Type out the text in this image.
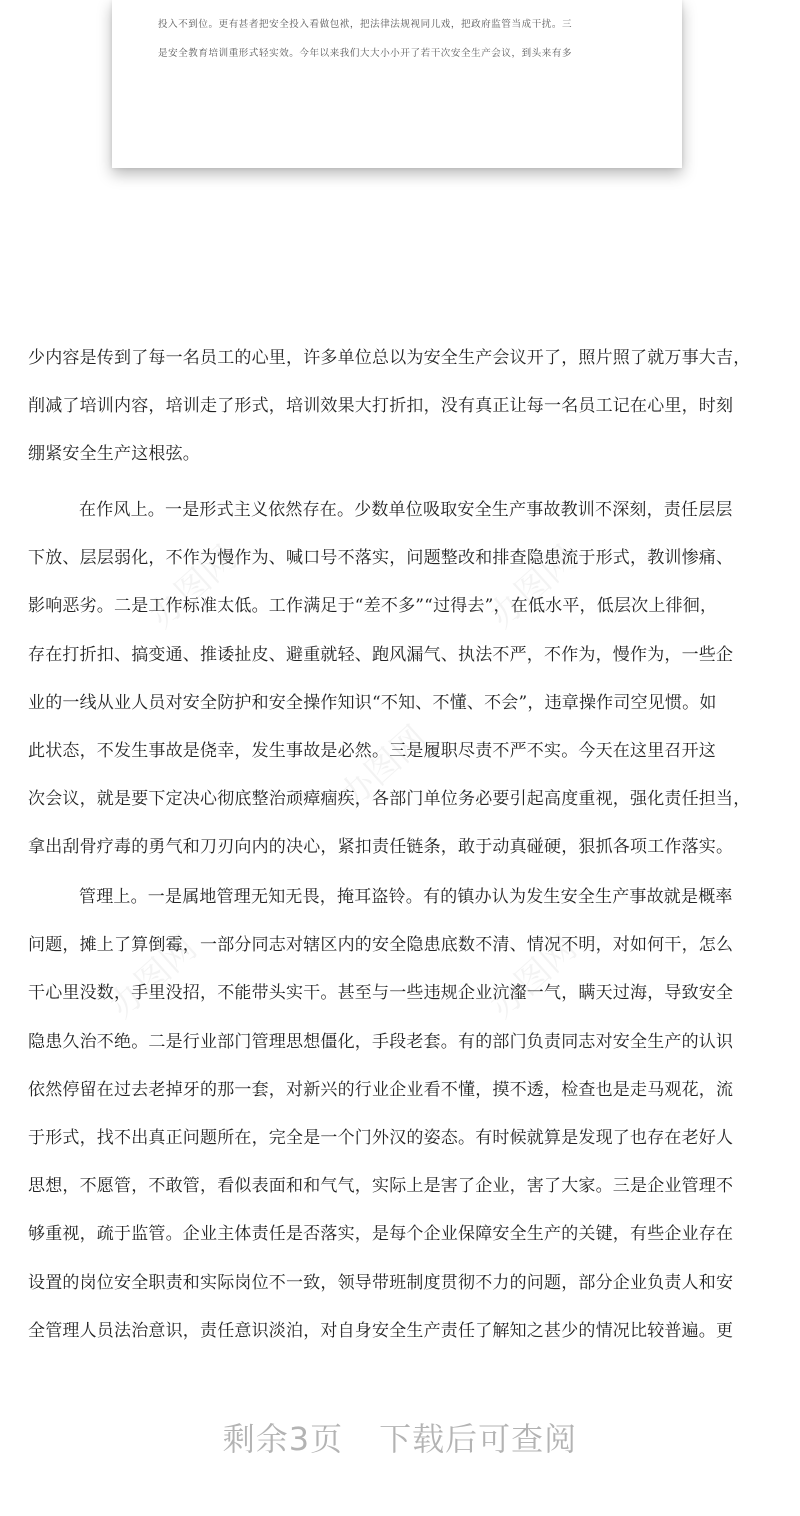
投入不到位。更有甚者把安全投入看做包袱，把法律法规视同儿戏，把政府监管当成干扰。三
是安全教育培训重形式轻实效。今年以来我们大大小小开了若干次安全生产会议，到头来有多
办图网	办图网
办图网
办图网	办图网
少内容是传到了每一名员工的心里，许多单位总以为安全生产会议开了，照片照了就万事大吉，
削减了培训内容，培训走了形式，培训效果大打折扣，没有真正让每一名员工记在心里，时刻
绷紧安全生产这根弦。
在作风上。一是形式主义依然存在。少数单位吸取安全生产事故教训不深刻，责任层层
下放、层层弱化，不作为慢作为、喊口号不落实，问题整改和排查隐患流于形式，教训惨痛、
影响恶劣。二是工作标准太低。工作满足于“差不多”“过得去”，在低水平，低层次上徘徊，
存在打折扣、搞变通、推诿扯皮、避重就轻、跑风漏气、执法不严，不作为，慢作为，一些企
业的一线从业人员对安全防护和安全操作知识“不知、不懂、不会”，违章操作司空见惯。如
此状态，不发生事故是侥幸，发生事故是必然。三是履职尽责不严不实。今天在这里召开这
次会议，就是要下定决心彻底整治顽瘴痼疾，各部门单位务必要引起高度重视，强化责任担当，
拿出刮骨疗毒的勇气和刀刃向内的决心，紧扣责任链条，敢于动真碰硬，狠抓各项工作落实。
管理上。一是属地管理无知无畏，掩耳盗铃。有的镇办认为发生安全生产事故就是概率
问题，摊上了算倒霉，一部分同志对辖区内的安全隐患底数不清、情况不明，对如何干，怎么
干心里没数，手里没招，不能带头实干。甚至与一些违规企业沆瀣一气，瞒天过海，导致安全
隐患久治不绝。二是行业部门管理思想僵化，手段老套。有的部门负责同志对安全生产的认识
依然停留在过去老掉牙的那一套，对新兴的行业企业看不懂，摸不透，检查也是走马观花，流
于形式，找不出真正问题所在，完全是一个门外汉的姿态。有时候就算是发现了也存在老好人
思想，不愿管，不敢管，看似表面和和气气，实际上是害了企业，害了大家。三是企业管理不
够重视，疏于监管。企业主体责任是否落实，是每个企业保障安全生产的关键，有些企业存在
设置的岗位安全职责和实际岗位不一致，领导带班制度贯彻不力的问题，部分企业负责人和安
全管理人员法治意识，责任意识淡泊，对自身安全生产责任了解知之甚少的情况比较普遍。更
剩余3页 下载后可查阅
